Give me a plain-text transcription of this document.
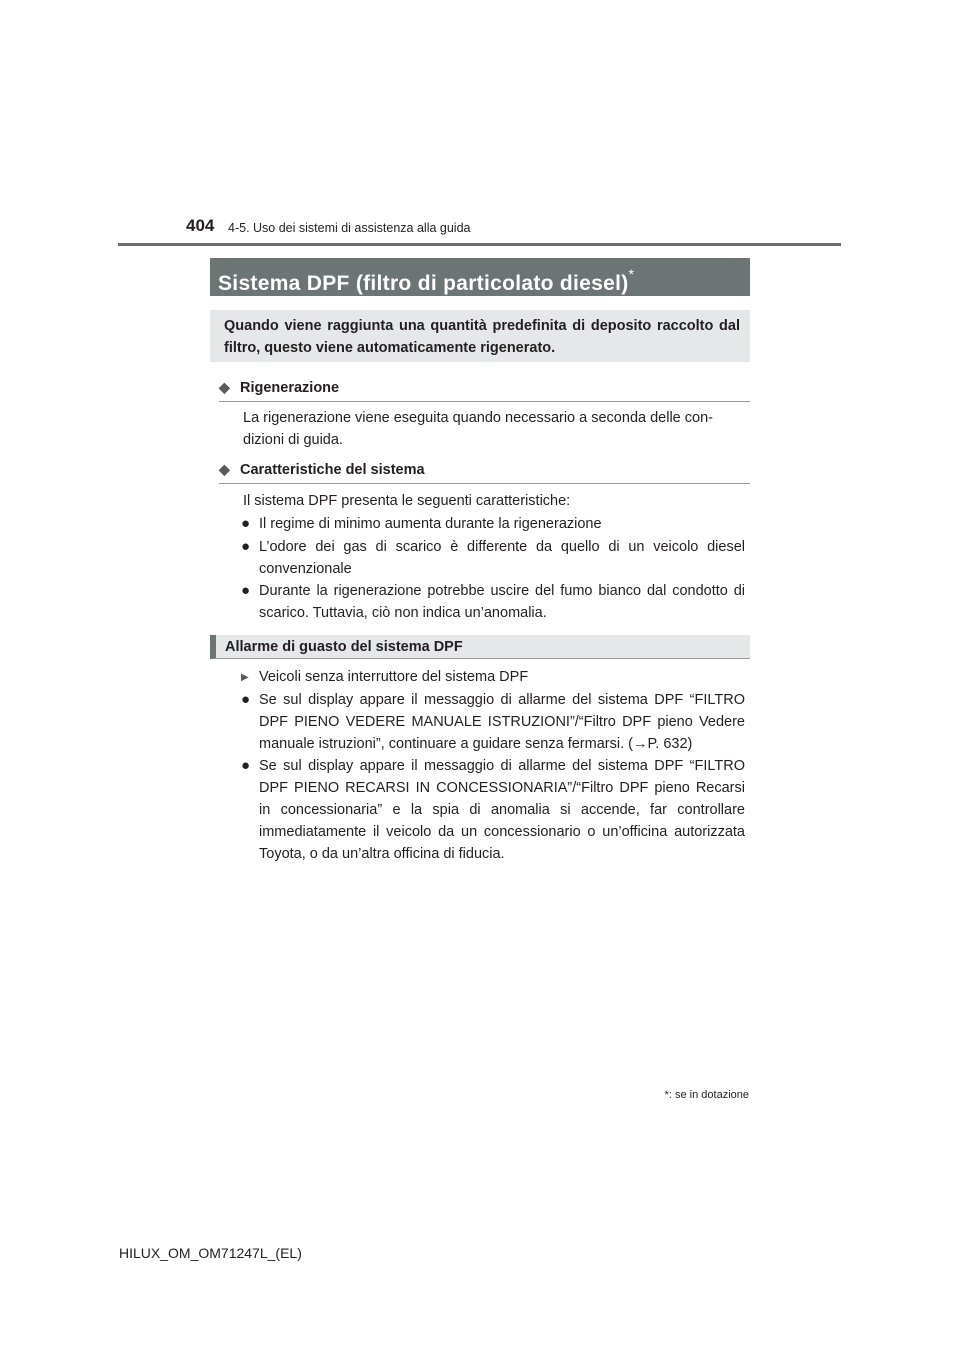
404 4-5. Uso dei sistemi di assistenza alla guida
Sistema DPF (filtro di particolato diesel)*
Quando viene raggiunta una quantità predefinita di deposito raccolto dal filtro, questo viene automaticamente rigenerato.
◆ Rigenerazione
La rigenerazione viene eseguita quando necessario a seconda delle con-
dizioni di guida.
◆ Caratteristiche del sistema
Il sistema DPF presenta le seguenti caratteristiche:
● Il regime di minimo aumenta durante la rigenerazione
● L’odore dei gas di scarico è differente da quello di un veicolo diesel convenzionale
● Durante la rigenerazione potrebbe uscire del fumo bianco dal condotto di scarico. Tuttavia, ciò non indica un’anomalia.
Allarme di guasto del sistema DPF
▶ Veicoli senza interruttore del sistema DPF
● Se sul display appare il messaggio di allarme del sistema DPF “FILTRO DPF PIENO VEDERE MANUALE ISTRUZIONI”/“Filtro DPF pieno Vedere manuale istruzioni”, continuare a guidare senza fermarsi. (→P. 632)
● Se sul display appare il messaggio di allarme del sistema DPF “FILTRO DPF PIENO RECARSI IN CONCESSIONARIA”/“Filtro DPF pieno Recarsi in concessionaria” e la spia di anomalia si accende, far controllare immediatamente il veicolo da un concessionario o un’officina autorizzata Toyota, o da un’altra officina di fiducia.
*: se in dotazione
HILUX_OM_OM71247L_(EL)
